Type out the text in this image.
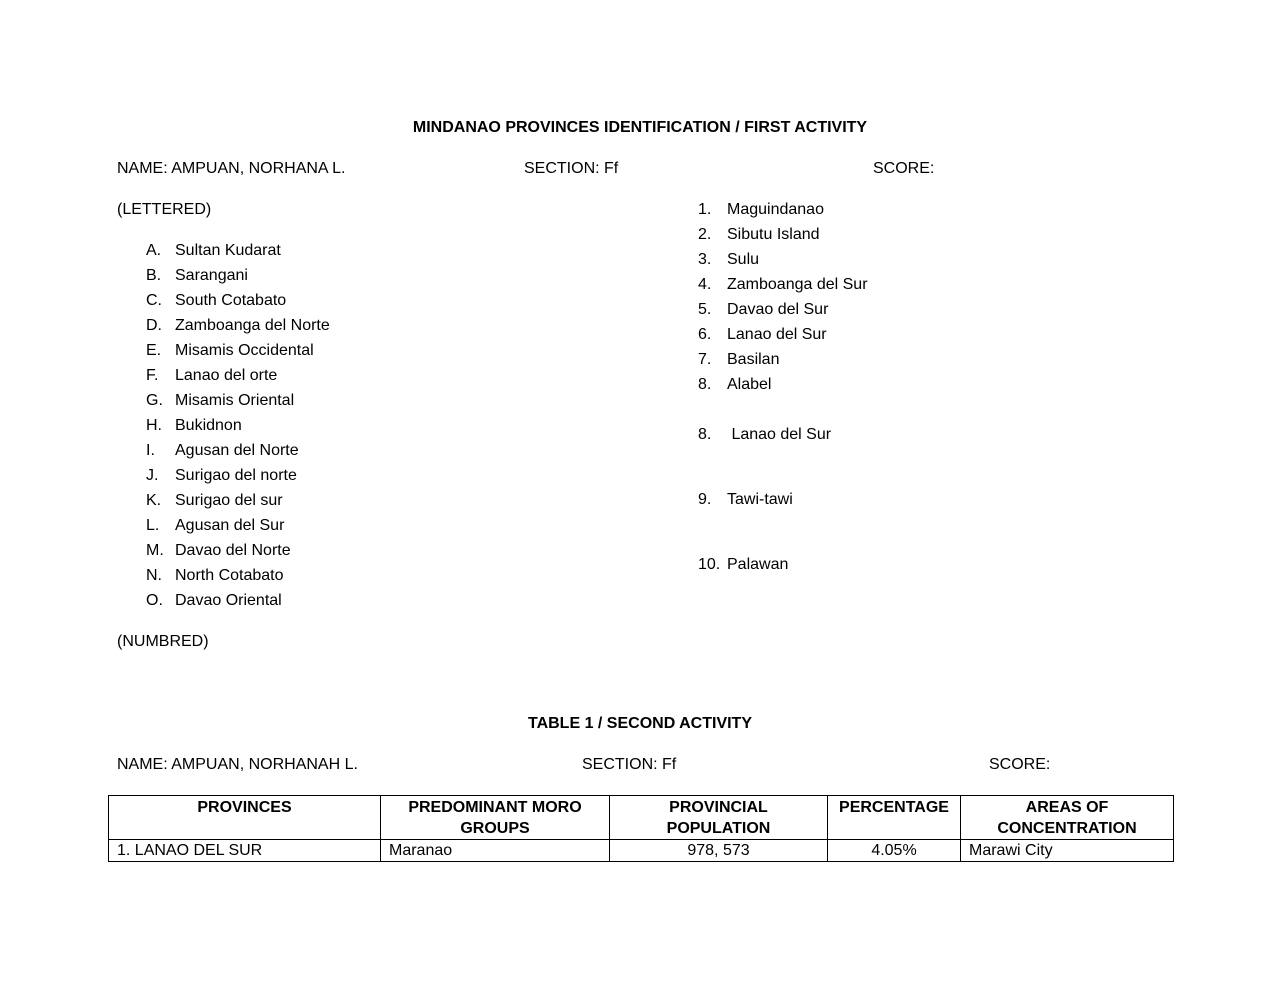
MINDANAO PROVINCES IDENTIFICATION / FIRST ACTIVITY
NAME: AMPUAN, NORHANA L.	SECTION: Ff	SCORE:
(LETTERED)
A. Sultan Kudarat
B. Sarangani
C. South Cotabato
D. Zamboanga del Norte
E. Misamis Occidental
F. Lanao del orte
G. Misamis Oriental
H. Bukidnon
I. Agusan del Norte
J. Surigao del norte
K. Surigao del sur
L. Agusan del Sur
M. Davao del Norte
N. North Cotabato
O. Davao Oriental
(NUMBRED)
1. Maguindanao
2. Sibutu Island
3. Sulu
4. Zamboanga del Sur
5. Davao del Sur
6. Lanao del Sur
7. Basilan
8. Alabel
8. Lanao del Sur
9. Tawi-tawi
10. Palawan
TABLE 1 / SECOND ACTIVITY
NAME: AMPUAN, NORHANAH L.	SECTION: Ff	SCORE:
PROVINCES	PREDOMINANT MORO GROUPS	PROVINCIAL POPULATION	PERCENTAGE	AREAS OF CONCENTRATION
1. LANAO DEL SUR	Maranao	978, 573	4.05%	Marawi City
